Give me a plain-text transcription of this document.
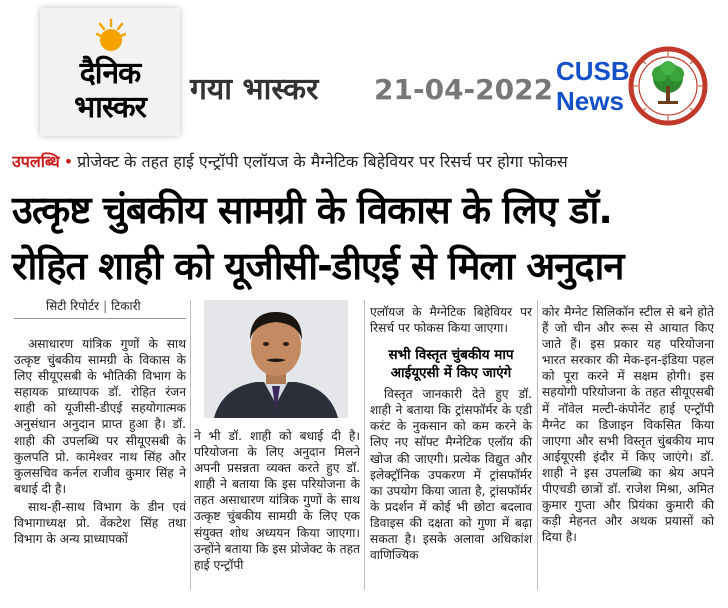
दैनिक
भास्कर
गया भास्कर 21-04-2022
CUSB
News
उपलब्धि • प्रोजेक्ट के तहत हाई एन्ट्रॉपी एलॉयज के मैग्नेटिक बिहेवियर पर रिसर्च पर होगा फोकस
उत्कृष्ट चुंबकीय सामग्री के विकास के लिए डॉ.
रोहित शाही को यूजीसी-डीएई से मिला अनुदान
सिटी रिपोर्टर | टिकारी

असाधारण यांत्रिक गुणों के साथ उत्कृष्ट चुंबकीय सामग्री के विकास के लिए सीयूएसबी के भौतिकी विभाग के सहायक प्राध्यापक डॉ. रोहित रंजन शाही को यूजीसी-डीएई सहयोगात्मक अनुसंधान अनुदान प्राप्त हुआ है। डॉ. शाही की उपलब्धि पर सीयूएसबी के कुलपति प्रो. कामेश्वर नाथ सिंह और कुलसचिव कर्नल राजीव कुमार सिंह ने बधाई दी है।

साथ-ही-साथ विभाग के डीन एवं विभागाध्यक्ष प्रो. वेंकटेश सिंह तथा विभाग के अन्य प्राध्यापकों

ने भी डॉ. शाही को बधाई दी है। परियोजना के लिए अनुदान मिलने अपनी प्रसन्नता व्यक्त करते हुए डॉ. शाही ने बताया कि इस परियोजना के तहत असाधारण यांत्रिक गुणों के साथ उत्कृष्ट चुंबकीय सामग्री के लिए एक संयुक्त शोध अध्ययन किया जाएगा। उन्होंने बताया कि इस प्रोजेक्ट के तहत हाई एन्ट्रॉपी

एलॉयज के मैग्नेटिक बिहेवियर पर रिसर्च पर फोकस किया जाएगा।

सभी विस्तृत चुंबकीय माप आईयूएसी में किए जाएंगे

विस्तृत जानकारी देते हुए डॉ. शाही ने बताया कि ट्रांसफॉर्मर के एडी करंट के नुकसान को कम करने के लिए नए सॉफ्ट मैग्नेटिक एलॉय की खोज की जाएगी। प्रत्येक विद्युत और इलेक्ट्रॉनिक उपकरण में ट्रांसफॉर्मर का उपयोग किया जाता है, ट्रांसफॉर्मर के प्रदर्शन में कोई भी छोटा बदलाव डिवाइस की दक्षता को गुणा में बढ़ा सकता है। इसके अलावा अधिकांश वाणिज्यिक

कोर मैग्नेट सिलिकॉन स्टील से बने होते हैं जो चीन और रूस से आयात किए जाते हैं। इस प्रकार यह परियोजना भारत सरकार की मेक-इन-इंडिया पहल को पूरा करने में सक्षम होगी। इस सहयोगी परियोजना के तहत सीयूएसबी में नॉवेल मल्टी-कंपोनेंट हाई एन्ट्रॉपी मैग्नेट का डिजाइन विकसित किया जाएगा और सभी विस्तृत चुंबकीय माप आईयूएसी इंदौर में किए जाएंगे। डॉ. शाही ने इस उपलब्धि का श्रेय अपने पीएचडी छात्रों डॉ. राजेश मिश्रा, अमित कुमार गुप्ता और प्रियंका कुमारी की कड़ी मेहनत और अथक प्रयासों को दिया है।
